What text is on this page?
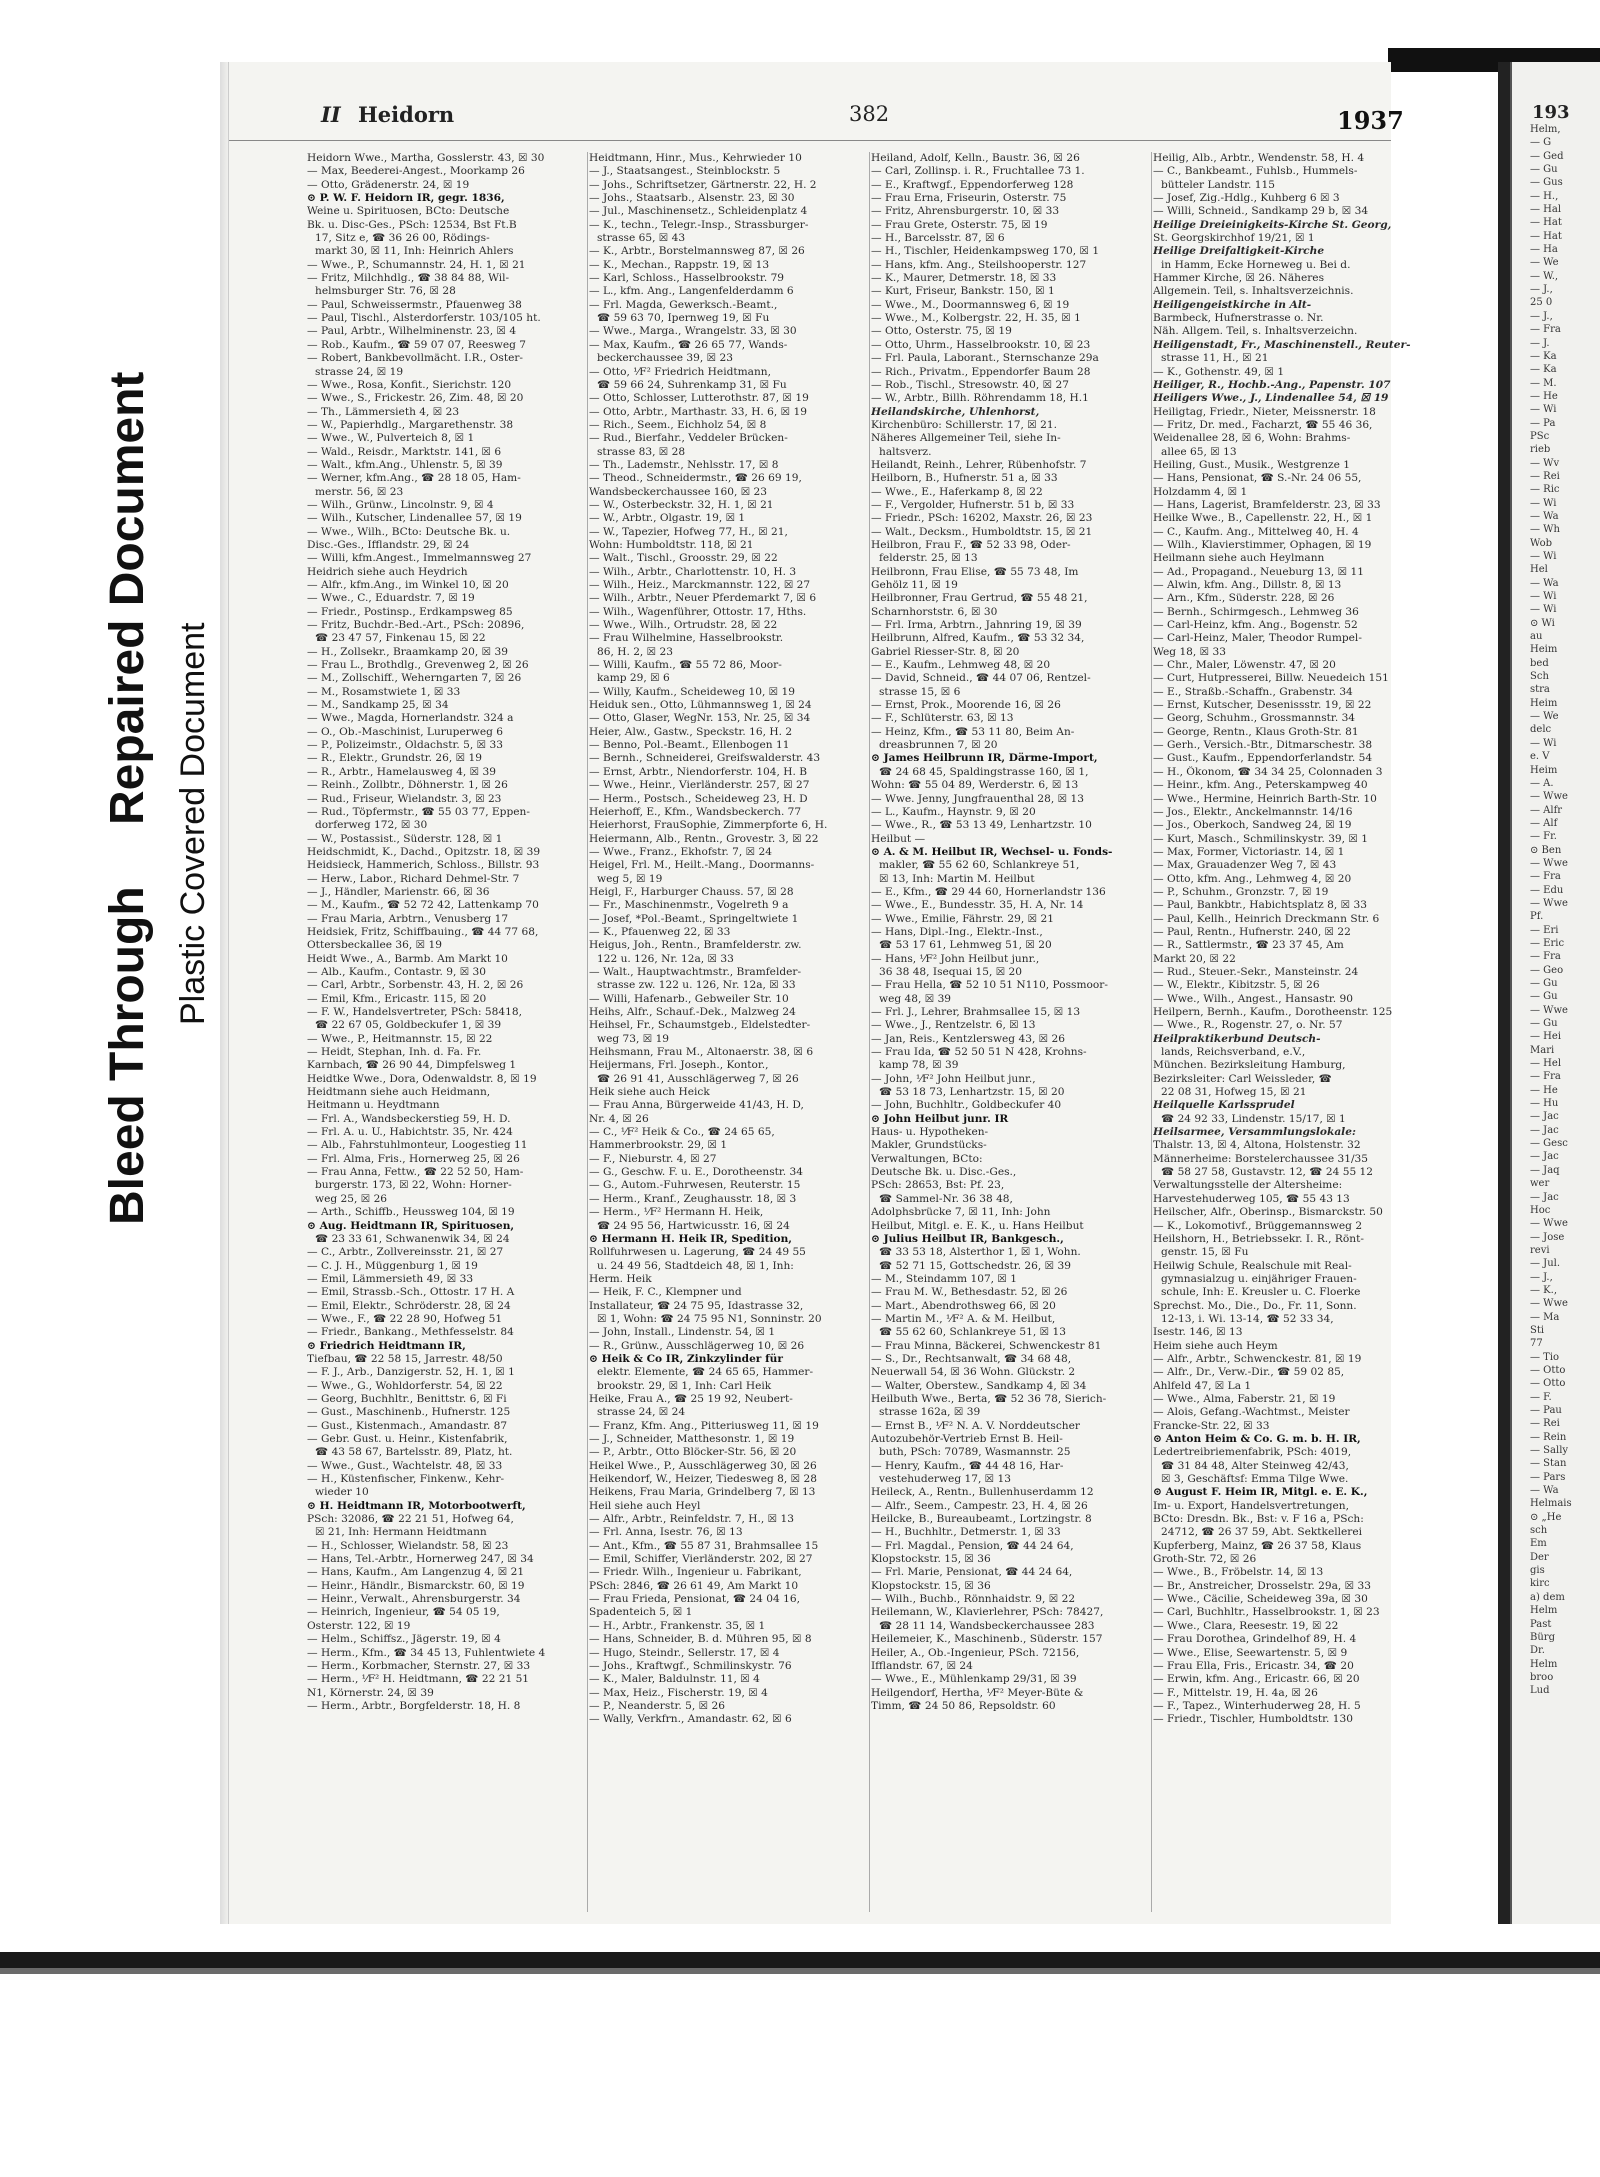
Bleed Through Repaired Document Plastic Covered Document
II Heidorn	382	1937
Heidorn Wwe., Martha, Gosslerstr. 43, ☒ 30
— Max, Beederei-Angest., Moorkamp 26
— Otto, Grädenerstr. 24, ☒ 19
⊙ P. W. F. Heidorn IR, gegr. 1836,
Weine u. Spirituosen, BCto: Deutsche
Bk. u. Disc-Ges., PSch: 12534, Bst Ft.B
17, Sitz e, ☎ 36 26 00, Rödings-
markt 30, ☒ 11, Inh: Heinrich Ahlers
— Wwe., P., Schumannstr. 24, H. 1, ☒ 21
— Fritz, Milchhdlg., ☎ 38 84 88, Wil-
helmsburger Str. 76, ☒ 28
— Paul, Schweissermstr., Pfauenweg 38
— Paul, Tischl., Alsterdorferstr. 103/105 ht.
— Paul, Arbtr., Wilhelminenstr. 23, ☒ 4
— Rob., Kaufm., ☎ 59 07 07, Reesweg 7
— Robert, Bankbevollmächt. I.R., Oster-
strasse 24, ☒ 19
— Wwe., Rosa, Konfit., Sierichstr. 120
— Wwe., S., Frickestr. 26, Zim. 48, ☒ 20
— Th., Lämmersieth 4, ☒ 23
— W., Papierhdlg., Margarethenstr. 38
— Wwe., W., Pulverteich 8, ☒ 1
— Wald., Reisdr., Marktstr. 141, ☒ 6
— Walt., kfm.Ang., Uhlenstr. 5, ☒ 39
— Werner, kfm.Ang., ☎ 28 18 05, Ham-
merstr. 56, ☒ 23
— Wilh., Grünw., Lincolnstr. 9, ☒ 4
— Wilh., Kutscher, Lindenallee 57, ☒ 19
— Wwe., Wilh., BCto: Deutsche Bk. u.
Disc.-Ges., Ifflandstr. 29, ☒ 24
— Willi, kfm.Angest., Immelmannsweg 27
Heidrich siehe auch Heydrich
— Alfr., kfm.Ang., im Winkel 10, ☒ 20
— Wwe., C., Eduardstr. 7, ☒ 19
— Friedr., Postinsp., Erdkampsweg 85
— Fritz, Buchdr.-Bed.-Art., PSch: 20896,
☎ 23 47 57, Finkenau 15, ☒ 22
— H., Zollsekr., Braamkamp 20, ☒ 39
— Frau L., Brothdlg., Grevenweg 2, ☒ 26
— M., Zollschiff., Weherngarten 7, ☒ 26
— M., Rosamstwiete 1, ☒ 33
— M., Sandkamp 25, ☒ 34
— Wwe., Magda, Hornerlandstr. 324 a
— O., Ob.-Maschinist, Luruperweg 6
— P., Polizeimstr., Oldachstr. 5, ☒ 33
— R., Elektr., Grundstr. 26, ☒ 19
— R., Arbtr., Hamelausweg 4, ☒ 39
— Reinh., Zollbtr., Döhnerstr. 1, ☒ 26
— Rud., Friseur, Wielandstr. 3, ☒ 23
— Rud., Töpfermstr., ☎ 55 03 77, Eppen-
dorferweg 172, ☒ 30
— W., Postassist., Süderstr. 128, ☒ 1
Heidschmidt, K., Dachd., Opitzstr. 18, ☒ 39
Heidsieck, Hammerich, Schloss., Billstr. 93
— Herw., Labor., Richard Dehmel-Str. 7
— J., Händler, Marienstr. 66, ☒ 36
— M., Kaufm., ☎ 52 72 42, Lattenkamp 70
— Frau Maria, Arbtrn., Venusberg 17
Heidsiek, Fritz, Schiffbauing., ☎ 44 77 68,
Ottersbeckallee 36, ☒ 19
Heidt Wwe., A., Barmb. Am Markt 10
— Alb., Kaufm., Contastr. 9, ☒ 30
— Carl, Arbtr., Sorbenstr. 43, H. 2, ☒ 26
— Emil, Kfm., Ericastr. 115, ☒ 20
— F. W., Handelsvertreter, PSch: 58418,
☎ 22 67 05, Goldbeckufer 1, ☒ 39
— Wwe., P., Heitmannstr. 15, ☒ 22
— Heidt, Stephan, Inh. d. Fa. Fr.
Karnbach, ☎ 26 90 44, Dimpfelsweg 1
Heidtke Wwe., Dora, Odenwaldstr. 8, ☒ 19
Heidtmann siehe auch Heidmann,
Heitmann u. Heydtmann
— Frl. A., Wandsbeckerstieg 59, H. D.
— Frl. A. u. U., Habichtstr. 35, Nr. 424
— Alb., Fahrstuhlmonteur, Loogestieg 11
— Frl. Alma, Fris., Hornerweg 25, ☒ 26
— Frau Anna, Fettw., ☎ 22 52 50, Ham-
burgerstr. 173, ☒ 22, Wohn: Horner-
weg 25, ☒ 26
— Arth., Schiffb., Heussweg 104, ☒ 19
⊙ Aug. Heidtmann IR, Spirituosen,
☎ 23 33 61, Schwanenwik 34, ☒ 24
— C., Arbtr., Zollvereinsstr. 21, ☒ 27
— C. J. H., Müggenburg 1, ☒ 19
— Emil, Lämmersieth 49, ☒ 33
— Emil, Strassb.-Sch., Ottostr. 17 H. A
— Emil, Elektr., Schröderstr. 28, ☒ 24
— Wwe., F., ☎ 22 28 90, Hofweg 51
— Friedr., Bankang., Methfesselstr. 84
⊙ Friedrich Heidtmann IR,
Tiefbau, ☎ 22 58 15, Jarrestr. 48/50
— F. J., Arb., Danzigerstr. 52, H. 1, ☒ 1
— Wwe., G., Wohldorferstr. 54, ☒ 22
— Georg, Buchhltr., Benittstr. 6, ☒ Fi
— Gust., Maschinenb., Hufnerstr. 125
— Gust., Kistenmach., Amandastr. 87
— Gebr. Gust. u. Heinr., Kistenfabrik,
☎ 43 58 67, Bartelsstr. 89, Platz, ht.
— Wwe., Gust., Wachtelstr. 48, ☒ 33
— H., Küstenfischer, Finkenw., Kehr-
wieder 10
⊙ H. Heidtmann IR, Motorbootwerft,
PSch: 32086, ☎ 22 21 51, Hofweg 64,
☒ 21, Inh: Hermann Heidtmann
— H., Schlosser, Wielandstr. 58, ☒ 23
— Hans, Tel.-Arbtr., Hornerweg 247, ☒ 34
— Hans, Kaufm., Am Langenzug 4, ☒ 21
— Heinr., Händlr., Bismarckstr. 60, ☒ 19
— Heinr., Verwalt., Ahrensburgerstr. 34
— Heinrich, Ingenieur, ☎ 54 05 19,
Osterstr. 122, ☒ 19
— Helm., Schiffsz., Jägerstr. 19, ☒ 4
— Herm., Kfm., ☎ 34 45 13, Fuhlentwiete 4
— Herm., Korbmacher, Sternstr. 27, ☒ 33
— Herm., ⅟F² H. Heidtmann, ☎ 22 21 51
N1, Körnerstr. 24, ☒ 39
— Herm., Arbtr., Borgfelderstr. 18, H. 8
Heidtmann, Hinr., Mus., Kehrwieder 10
— J., Staatsangest., Steinblockstr. 5
— Johs., Schriftsetzer, Gärtnerstr. 22, H. 2
— Johs., Staatsarb., Alsenstr. 23, ☒ 30
— Jul., Maschinensetz., Schleidenplatz 4
— K., techn., Telegr.-Insp., Strassburger-
strasse 65, ☒ 43
— K., Arbtr., Borstelmannsweg 87, ☒ 26
— K., Mechan., Rappstr. 19, ☒ 13
— Karl, Schloss., Hasselbrookstr. 79
— L., kfm. Ang., Langenfelderdamm 6
— Frl. Magda, Gewerksch.-Beamt.,
☎ 59 63 70, Ipernweg 19, ☒ Fu
— Wwe., Marga., Wrangelstr. 33, ☒ 30
— Max, Kaufm., ☎ 26 65 77, Wands-
beckerchaussee 39, ☒ 23
— Otto, ⅟F² Friedrich Heidtmann,
☎ 59 66 24, Suhrenkamp 31, ☒ Fu
— Otto, Schlosser, Lutterothstr. 87, ☒ 19
— Otto, Arbtr., Marthastr. 33, H. 6, ☒ 19
— Rich., Seem., Eichholz 54, ☒ 8
— Rud., Bierfahr., Veddeler Brücken-
strasse 83, ☒ 28
— Th., Lademstr., Nehlsstr. 17, ☒ 8
— Theod., Schneidermstr., ☎ 26 69 19,
Wandsbeckerchaussee 160, ☒ 23
— W., Osterbeckstr. 32, H. 1, ☒ 21
— W., Arbtr., Olgastr. 19, ☒ 1
— W., Tapezier, Hofweg 77, H., ☒ 21,
Wohn: Humboldtstr. 118, ☒ 21
— Walt., Tischl., Groosstr. 29, ☒ 22
— Wilh., Arbtr., Charlottenstr. 10, H. 3
— Wilh., Heiz., Marckmannstr. 122, ☒ 27
— Wilh., Arbtr., Neuer Pferdemarkt 7, ☒ 6
— Wilh., Wagenführer, Ottostr. 17, Hths.
— Wwe., Wilh., Ortrudstr. 28, ☒ 22
— Frau Wilhelmine, Hasselbrookstr.
86, H. 2, ☒ 23
— Willi, Kaufm., ☎ 55 72 86, Moor-
kamp 29, ☒ 6
— Willy, Kaufm., Scheideweg 10, ☒ 19
Heiduk sen., Otto, Lühmannsweg 1, ☒ 24
— Otto, Glaser, WegNr. 153, Nr. 25, ☒ 34
Heier, Alw., Gastw., Speckstr. 16, H. 2
— Benno, Pol.-Beamt., Ellenbogen 11
— Bernh., Schneiderei, Greifswalderstr. 43
— Ernst, Arbtr., Niendorferstr. 104, H. B
— Wwe., Heinr., Vierländerstr. 257, ☒ 27
— Herm., Postsch., Scheideweg 23, H. D
Heierhoff, E., Kfm., Wandsbeckerch. 77
Heierhorst, FrauSophie, Zimmerpforte 6, H.
Heiermann, Alb., Rentn., Grovestr. 3, ☒ 22
— Wwe., Franz., Ekhofstr. 7, ☒ 24
Heigel, Frl. M., Heilt.-Mang., Doormanns-
weg 5, ☒ 19
Heigl, F., Harburger Chauss. 57, ☒ 28
— Fr., Maschinenmstr., Vogelreth 9 a
— Josef, *Pol.-Beamt., Springeltwiete 1
— K., Pfauenweg 22, ☒ 33
Heigus, Joh., Rentn., Bramfelderstr. zw.
122 u. 126, Nr. 12a, ☒ 33
— Walt., Hauptwachtmstr., Bramfelder-
strasse zw. 122 u. 126, Nr. 12a, ☒ 33
— Willi, Hafenarb., Gebweiler Str. 10
Heihs, Alfr., Schauf.-Dek., Malzweg 24
Heihsel, Fr., Schaumstgeb., Eldelstedter-
weg 73, ☒ 19
Heihsmann, Frau M., Altonaerstr. 38, ☒ 6
Heijermans, Frl. Joseph., Kontor.,
☎ 26 91 41, Ausschlägerweg 7, ☒ 26
Heik siehe auch Heick
— Frau Anna, Bürgerweide 41/43, H. D,
Nr. 4, ☒ 26
— C., ⅟F² Heik & Co., ☎ 24 65 65,
Hammerbrookstr. 29, ☒ 1
— F., Nieburstr. 4, ☒ 27
— G., Geschw. F. u. E., Dorotheenstr. 34
— G., Autom.-Fuhrwesen, Reuterstr. 15
— Herm., Kranf., Zeughausstr. 18, ☒ 3
— Herm., ⅟F² Hermann H. Heik,
☎ 24 95 56, Hartwicusstr. 16, ☒ 24
⊙ Hermann H. Heik IR, Spedition,
Rollfuhrwesen u. Lagerung, ☎ 24 49 55
u. 24 49 56, Stadtdeich 48, ☒ 1, Inh:
Herm. Heik
— Heik, F. C., Klempner und
Installateur, ☎ 24 75 95, Idastrasse 32,
☒ 1, Wohn: ☎ 24 75 95 N1, Sonninstr. 20
— John, Install., Lindenstr. 54, ☒ 1
— R., Grünw., Ausschlägerweg 10, ☒ 26
⊙ Heik & Co IR, Zinkzylinder für
elektr. Elemente, ☎ 24 65 65, Hammer-
brookstr. 29, ☒ 1, Inh: Carl Heik
Heike, Frau A., ☎ 25 19 92, Neubert-
strasse 24, ☒ 24
— Franz, Kfm. Ang., Pitteriusweg 11, ☒ 19
— J., Schneider, Matthesonstr. 1, ☒ 19
— P., Arbtr., Otto Blöcker-Str. 56, ☒ 20
Heikel Wwe., P., Ausschlägerweg 30, ☒ 26
Heikendorf, W., Heizer, Tiedesweg 8, ☒ 28
Heikens, Frau Maria, Grindelberg 7, ☒ 13
Heil siehe auch Heyl
— Alfr., Arbtr., Reinfeldstr. 7, H., ☒ 13
— Frl. Anna, Isestr. 76, ☒ 13
— Ant., Kfm., ☎ 55 87 31, Brahmsallee 15
— Emil, Schiffer, Vierländerstr. 202, ☒ 27
— Friedr. Wilh., Ingenieur u. Fabrikant,
PSch: 2846, ☎ 26 61 49, Am Markt 10
— Frau Frieda, Pensionat, ☎ 24 04 16,
Spadenteich 5, ☒ 1
— H., Arbtr., Frankenstr. 35, ☒ 1
— Hans, Schneider, B. d. Mühren 95, ☒ 8
— Hugo, Steindr., Sellerstr. 17, ☒ 4
— Johs., Kraftwgf., Schmilinskystr. 76
— K., Maler, Baldulnstr. 11, ☒ 4
— Max, Heiz., Fischerstr. 19, ☒ 4
— P., Neanderstr. 5, ☒ 26
— Wally, Verkfrn., Amandastr. 62, ☒ 6
Heiland, Adolf, Kelln., Baustr. 36, ☒ 26
— Carl, Zollinsp. i. R., Fruchtallee 73 1.
— E., Kraftwgf., Eppendorferweg 128
— Frau Erna, Friseurin, Osterstr. 75
— Fritz, Ahrensburgerstr. 10, ☒ 33
— Frau Grete, Osterstr. 75, ☒ 19
— H., Barcelsstr. 87, ☒ 6
— H., Tischler, Heidenkampsweg 170, ☒ 1
— Hans, kfm. Ang., Steilshooperstr. 127
— K., Maurer, Detmerstr. 18, ☒ 33
— Kurt, Friseur, Bankstr. 150, ☒ 1
— Wwe., M., Doormannsweg 6, ☒ 19
— Wwe., M., Kolbergstr. 22, H. 35, ☒ 1
— Otto, Osterstr. 75, ☒ 19
— Otto, Uhrm., Hasselbrookstr. 10, ☒ 23
— Frl. Paula, Laborant., Sternschanze 29a
— Rich., Privatm., Eppendorfer Baum 28
— Rob., Tischl., Stresowstr. 40, ☒ 27
— W., Arbtr., Billh. Röhrendamm 18, H.1
Heilandskirche, Uhlenhorst,
Kirchenbüro: Schillerstr. 17, ☒ 21.
Näheres Allgemeiner Teil, siehe In-
haltsverz.
Heilandt, Reinh., Lehrer, Rübenhofstr. 7
Heilborn, B., Hufnerstr. 51 a, ☒ 33
— Wwe., E., Haferkamp 8, ☒ 22
— F., Vergolder, Hufnerstr. 51 b, ☒ 33
— Friedr., PSch: 16202, Maxstr. 26, ☒ 23
— Walt., Decksm., Humboldtstr. 15, ☒ 21
Heilbron, Frau F., ☎ 52 33 98, Oder-
felderstr. 25, ☒ 13
Heilbronn, Frau Elise, ☎ 55 73 48, Im
Gehölz 11, ☒ 19
Heilbronner, Frau Gertrud, ☎ 55 48 21,
Scharnhorststr. 6, ☒ 30
— Frl. Irma, Arbtrn., Jahnring 19, ☒ 39
Heilbrunn, Alfred, Kaufm., ☎ 53 32 34,
Gabriel Riesser-Str. 8, ☒ 20
— E., Kaufm., Lehmweg 48, ☒ 20
— David, Schneid., ☎ 44 07 06, Rentzel-
strasse 15, ☒ 6
— Ernst, Prok., Moorende 16, ☒ 26
— F., Schlüterstr. 63, ☒ 13
— Heinz, Kfm., ☎ 53 11 80, Beim An-
dreasbrunnen 7, ☒ 20
⊙ James Heilbrunn IR, Därme-Import,
☎ 24 68 45, Spaldingstrasse 160, ☒ 1,
Wohn: ☎ 55 04 89, Werderstr. 6, ☒ 13
— Wwe. Jenny, Jungfrauenthal 28, ☒ 13
— L., Kaufm., Haynstr. 9, ☒ 20
— Wwe., R., ☎ 53 13 49, Lenhartzstr. 10
Heilbut —
⊙ A. & M. Heilbut IR, Wechsel- u. Fonds-
makler, ☎ 55 62 60, Schlankreye 51,
☒ 13, Inh: Martin M. Heilbut
— E., Kfm., ☎ 29 44 60, Hornerlandstr 136
— Wwe., E., Bundesstr. 35, H. A, Nr. 14
— Wwe., Emilie, Fährstr. 29, ☒ 21
— Hans, Dipl.-Ing., Elektr.-Inst.,
☎ 53 17 61, Lehmweg 51, ☒ 20
— Hans, ⅟F² John Heilbut junr.,
36 38 48, Isequai 15, ☒ 20
— Frau Hella, ☎ 52 10 51 N110, Possmoor-
weg 48, ☒ 39
— Frl. J., Lehrer, Brahmsallee 15, ☒ 13
— Wwe., J., Rentzelstr. 6, ☒ 13
— Jan, Reis., Kentzlersweg 43, ☒ 26
— Frau Ida, ☎ 52 50 51 N 428, Krohns-
kamp 78, ☒ 39
— John, ⅟F² John Heilbut junr.,
☎ 53 18 73, Lenhartzstr. 15, ☒ 20
— John, Buchhltr., Goldbeckufer 40
⊙ John Heilbut junr. IR
Haus- u. Hypotheken-
Makler, Grundstücks-
Verwaltungen, BCto:
Deutsche Bk. u. Disc.-Ges.,
PSch: 28653, Bst: Pf. 23,
☎ Sammel-Nr. 36 38 48,
Adolphsbrücke 7, ☒ 11, Inh: John
Heilbut, Mitgl. e. E. K., u. Hans Heilbut
⊙ Julius Heilbut IR, Bankgesch.,
☎ 33 53 18, Alsterthor 1, ☒ 1, Wohn.
☎ 52 71 15, Gottschedstr. 26, ☒ 39
— M., Steindamm 107, ☒ 1
— Frau M. W., Bethesdastr. 52, ☒ 26
— Mart., Abendrothsweg 66, ☒ 20
— Martin M., ⅟F² A. & M. Heilbut,
☎ 55 62 60, Schlankreye 51, ☒ 13
— Frau Minna, Bäckerei, Schwenckestr 81
— S., Dr., Rechtsanwalt, ☎ 34 68 48,
Neuerwall 54, ☒ 36 Wohn. Glückstr. 2
— Walter, Oberstew., Sandkamp 4, ☒ 34
Heilbuth Wwe., Berta, ☎ 52 36 78, Sierich-
strasse 162a, ☒ 39
— Ernst B., ⅟F² N. A. V. Norddeutscher
Autozubehör-Vertrieb Ernst B. Heil-
buth, PSch: 70789, Wasmannstr. 25
— Henry, Kaufm., ☎ 44 48 16, Har-
vestehuderweg 17, ☒ 13
Heileck, A., Rentn., Bullenhuserdamm 12
— Alfr., Seem., Campestr. 23, H. 4, ☒ 26
Heilcke, B., Bureaubeamt., Lortzingstr. 8
— H., Buchhltr., Detmerstr. 1, ☒ 33
— Frl. Magdal., Pension, ☎ 44 24 64,
Klopstockstr. 15, ☒ 36
— Frl. Marie, Pensionat, ☎ 44 24 64,
Klopstockstr. 15, ☒ 36
— Wilh., Buchb., Rönnhaidstr. 9, ☒ 22
Heilemann, W., Klavierlehrer, PSch: 78427,
☎ 28 11 14, Wandsbeckerchaussee 283
Heilemeier, K., Maschinenb., Süderstr. 157
Heiler, A., Ob.-Ingenieur, PSch. 72156,
Ifflandstr. 67, ☒ 24
— Wwe., E., Mühlenkamp 29/31, ☒ 39
Heilgendorf, Hertha, ⅟F² Meyer-Büte &
Timm, ☎ 24 50 86, Repsoldstr. 60
Heilig, Alb., Arbtr., Wendenstr. 58, H. 4
— C., Bankbeamt., Fuhlsb., Hummels-
bütteler Landstr. 115
— Josef, Zig.-Hdlg., Kuhberg 6 ☒ 3
— Willi, Schneid., Sandkamp 29 b, ☒ 34
Heilige Dreieinigkeits-Kirche St. Georg,
St. Georgskirchhof 19/21, ☒ 1
Heilige Dreifaltigkeit-Kirche
in Hamm, Ecke Horneweg u. Bei d.
Hammer Kirche, ☒ 26. Näheres
Allgemein. Teil, s. Inhaltsverzeichnis.
Heiligengeistkirche in Alt-
Barmbeck, Hufnerstrasse o. Nr.
Näh. Allgem. Teil, s. Inhaltsverzeichn.
Heiligenstadt, Fr., Maschinenstell., Reuter-
strasse 11, H., ☒ 21
— K., Gothenstr. 49, ☒ 1
Heiliger, R., Hochb.-Ang., Papenstr. 107
Heiligers Wwe., J., Lindenallee 54, ☒ 19
Heiligtag, Friedr., Nieter, Meissnerstr. 18
— Fritz, Dr. med., Facharzt, ☎ 55 46 36,
Weidenallee 28, ☒ 6, Wohn: Brahms-
allee 65, ☒ 13
Heiling, Gust., Musik., Westgrenze 1
— Hans, Pensionat, ☎ S.-Nr. 24 06 55,
Holzdamm 4, ☒ 1
— Hans, Lagerist, Bramfelderstr. 23, ☒ 33
Heilke Wwe., B., Capellenstr. 22, H., ☒ 1
— C., Kaufm. Ang., Mittelweg 40, H. 4
— Wilh., Klavierstimmer, Ophagen, ☒ 19
Heilmann siehe auch Heylmann
— Ad., Propagand., Neueburg 13, ☒ 11
— Alwin, kfm. Ang., Dillstr. 8, ☒ 13
— Arn., Kfm., Süderstr. 228, ☒ 26
— Bernh., Schirmgesch., Lehmweg 36
— Carl-Heinz, kfm. Ang., Bogenstr. 52
— Carl-Heinz, Maler, Theodor Rumpel-
Weg 18, ☒ 33
— Chr., Maler, Löwenstr. 47, ☒ 20
— Curt, Hutpresserei, Billw. Neuedeich 151
— E., Straßb.-Schaffn., Grabenstr. 34
— Ernst, Kutscher, Desenissstr. 19, ☒ 22
— Georg, Schuhm., Grossmannstr. 34
— George, Rentn., Klaus Groth-Str. 81
— Gerh., Versich.-Btr., Ditmarschestr. 38
— Gust., Kaufm., Eppendorferlandstr. 54
— H., Ökonom, ☎ 34 34 25, Colonnaden 3
— Heinr., kfm. Ang., Peterskampweg 40
— Wwe., Hermine, Heinrich Barth-Str. 10
— Jos., Elektr., Anckelmannstr. 14/16
— Jos., Oberkoch, Sandweg 24, ☒ 19
— Kurt, Masch., Schmilinskystr. 39, ☒ 1
— Max, Former, Victoriastr. 14, ☒ 1
— Max, Grauadenzer Weg 7, ☒ 43
— Otto, kfm. Ang., Lehmweg 4, ☒ 20
— P., Schuhm., Gronzstr. 7, ☒ 19
— Paul, Bankbtr., Habichtsplatz 8, ☒ 33
— Paul, Kellh., Heinrich Dreckmann Str. 6
— Paul, Rentn., Hufnerstr. 240, ☒ 22
— R., Sattlermstr., ☎ 23 37 45, Am
Markt 20, ☒ 22
— Rud., Steuer.-Sekr., Mansteinstr. 24
— W., Elektr., Kibitzstr. 5, ☒ 26
— Wwe., Wilh., Angest., Hansastr. 90
Heilpern, Bernh., Kaufm., Dorotheenstr. 125
— Wwe., R., Rogenstr. 27, o. Nr. 57
Heilpraktikerbund Deutsch-
lands, Reichsverband, e.V.,
München. Bezirksleitung Hamburg,
Bezirksleiter: Carl Weissleder, ☎
22 08 31, Hofweg 15, ☒ 21
Heilquelle Karlssprudel
☎ 24 92 33, Lindenstr. 15/17, ☒ 1
Heilsarmee, Versammlungslokale:
Thalstr. 13, ☒ 4, Altona, Holstenstr. 32
Männerheime: Borstelerchaussee 31/35
☎ 58 27 58, Gustavstr. 12, ☎ 24 55 12
Verwaltungsstelle der Altersheime:
Harvestehuderweg 105, ☎ 55 43 13
Heilscher, Alfr., Oberinsp., Bismarckstr. 50
— K., Lokomotivf., Brüggemannsweg 2
Heilshorn, H., Betriebssekr. I. R., Rönt-
genstr. 15, ☒ Fu
Heilwig Schule, Realschule mit Real-
gymnasialzug u. einjähriger Frauen-
schule, Inh: E. Kreusler u. C. Floerke
Sprechst. Mo., Die., Do., Fr. 11, Sonn.
12-13, i. Wi. 13-14, ☎ 52 33 34,
Isestr. 146, ☒ 13
Heim siehe auch Heym
— Alfr., Arbtr., Schwenckestr. 81, ☒ 19
— Alfr., Dr., Verw.-Dir., ☎ 59 02 85,
Ahlfeld 47, ☒ La 1
— Wwe., Alma, Faberstr. 21, ☒ 19
— Alois, Gefang.-Wachtmst., Meister
Francke-Str. 22, ☒ 33
⊙ Anton Heim & Co. G. m. b. H. IR,
Ledertreibriemenfabrik, PSch: 4019,
☎ 31 84 48, Alter Steinweg 42/43,
☒ 3, Geschäftsf: Emma Tilge Wwe.
⊙ August F. Heim IR, Mitgl. e. E. K.,
Im- u. Export, Handelsvertretungen,
BCto: Dresdn. Bk., Bst: v. F 16 a, PSch:
24712, ☎ 26 37 59, Abt. Sektkellerei
Kupferberg, Mainz, ☎ 26 37 58, Klaus
Groth-Str. 72, ☒ 26
— Wwe., B., Fröbelstr. 14, ☒ 13
— Br., Anstreicher, Drosselstr. 29a, ☒ 33
— Wwe., Cäcilie, Scheideweg 39a, ☒ 30
— Carl, Buchhltr., Hasselbrookstr. 1, ☒ 23
— Wwe., Clara, Reesestr. 19, ☒ 22
— Frau Dorothea, Grindelhof 89, H. 4
— Wwe., Elise, Seewartenstr. 5, ☒ 9
— Frau Ella, Fris., Ericastr. 34, ☎ 20
— Erwin, kfm. Ang., Ericastr. 66, ☒ 20
— F., Mittelstr. 19, H. 4a, ☒ 26
— F., Tapez., Winterhuderweg 28, H. 5
— Friedr., Tischler, Humboldtstr. 130
193
Helm,
— G
— Ged
— Gu
— Gus
— H.,
— Hal
— Hat
— Hat
— Ha
— We
— W.,
— J.,
25 0
— J.,
— Fra
— J.
— Ka
— Ka
— M.
— He
— Wi
— Pa
PSc
rieb
— Wv
— Rei
— Ric
— Wi
— Wa
— Wh
Wob
— Wi
Hel
— Wa
— Wi
— Wi
⊙ Wi
au
Heim
bed
Sch
stra
Heim
— We
delc
— Wi
e. V
Heim
— A.
— Wwe
— Alfr
— Alf
— Fr.
⊙ Ben
— Wwe
— Fra
— Edu
— Wwe
Pf.
— Eri
— Eric
— Fra
— Geo
— Gu
— Gu
— Wwe
— Gu
— Hei
Mari
— Hel
— Fra
— He
— Hu
— Jac
— Jac
— Gesc
— Jac
— Jaq
wer
— Jac
Hoc
— Wwe
— Jose
revi
— Jul.
— J.,
— K.,
— Wwe
— Ma
Sti
77
— Tio
— Otto
— Otto
— F.
— Pau
— Rei
— Rein
— Sally
— Stan
— Pars
— Wa
Helmais
⊙ „He
sch
Em
Der
gis
kirc
a) dem
Helm
Past
Bürg
Dr.
Helm
broo
Lud
